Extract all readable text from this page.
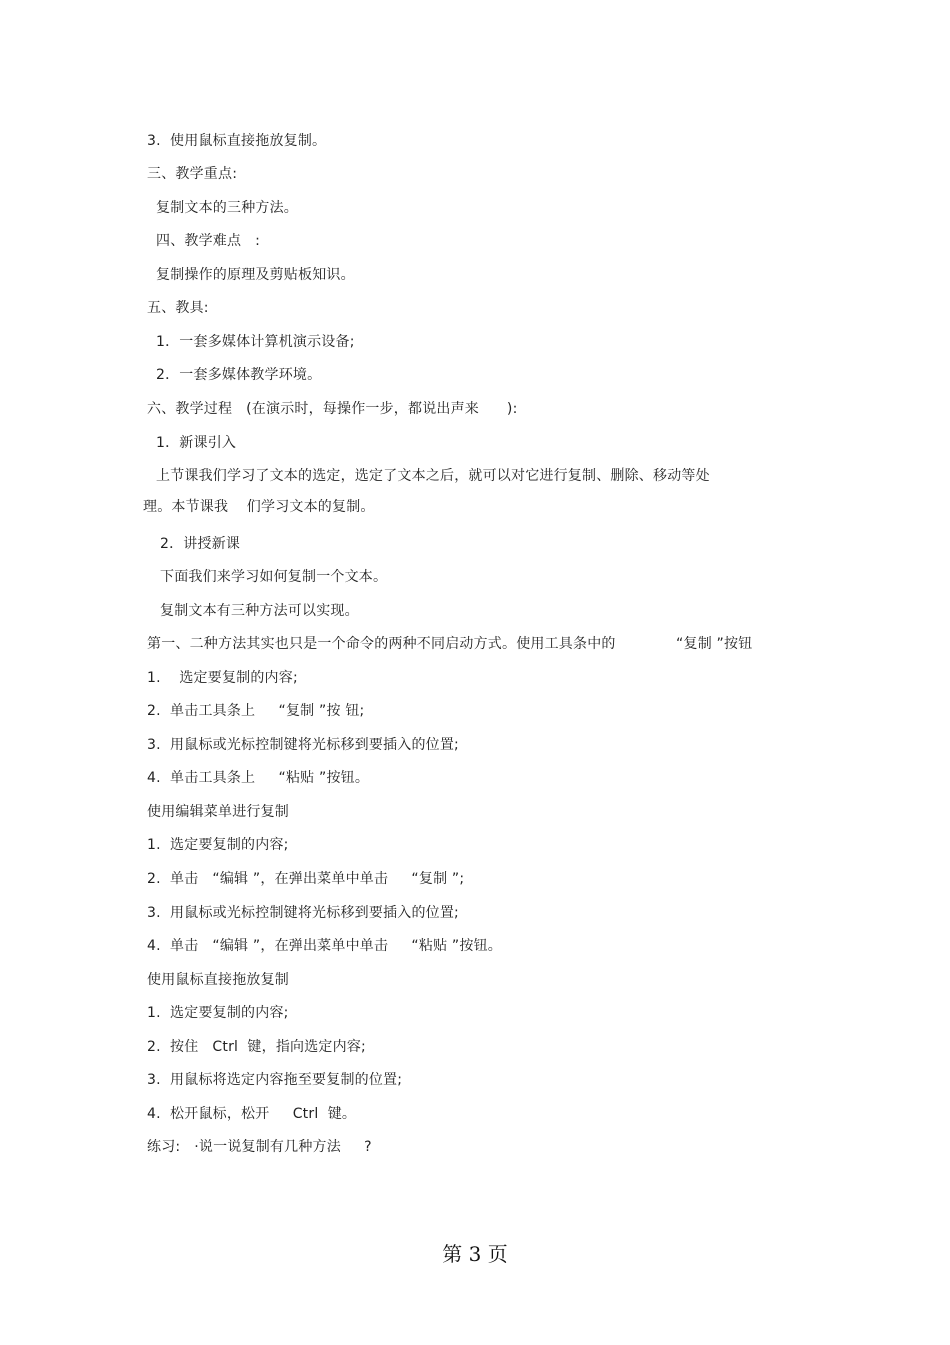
3.  使用鼠标直接拖放复制。
三、教学重点:
复制文本的三种方法。
四、教学难点   :
复制操作的原理及剪贴板知识。
五、教具:
1．一套多媒体计算机演示设备;
2．一套多媒体教学环境。
六、教学过程   (在演示时，每操作一步，都说出声来      ):
1．新课引入
上节课我们学习了文本的选定，选定了文本之后，就可以对它进行复制、删除、移动等处
理。本节课我    们学习文本的复制。
2．讲授新课
下面我们来学习如何复制一个文本。
复制文本有三种方法可以实现。
第一、二种方法其实也只是一个命令的两种不同启动方式。使用工具条中的             “复制 ”按钮
1.    选定要复制的内容;
2.  单击工具条上     “复制 ”按 钮;
3.  用鼠标或光标控制键将光标移到要插入的位置;
4.  单击工具条上     “粘贴 ”按钮。
使用编辑菜单进行复制
1.  选定要复制的内容;
2.  单击   “编辑 ”，在弹出菜单中单击     “复制 ”;
3.  用鼠标或光标控制键将光标移到要插入的位置;
4.  单击   “编辑 ”，在弹出菜单中单击     “粘贴 ”按钮。
使用鼠标直接拖放复制
1.  选定要复制的内容;
2.  按住   Ctrl  键，指向选定内容;
3.  用鼠标将选定内容拖至要复制的位置;
4.  松开鼠标，松开     Ctrl  键。
练习:   ·说一说复制有几种方法     ?
第 3 页
